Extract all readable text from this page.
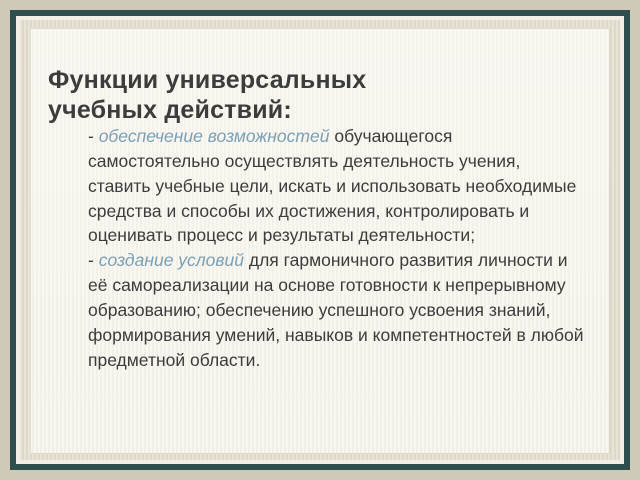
Функции универсальных учебных действий:

- обеспечение возможностей обучающегося самостоятельно осуществлять деятельность учения, ставить учебные цели, искать и использовать необходимые средства и способы их достижения, контролировать и оценивать процесс и результаты деятельности;

- создание условий для гармоничного развития личности и её самореализации на основе готовности к непрерывному образованию; обеспечению успешного усвоения знаний, формирования умений, навыков и компетентностей в любой предметной области.
